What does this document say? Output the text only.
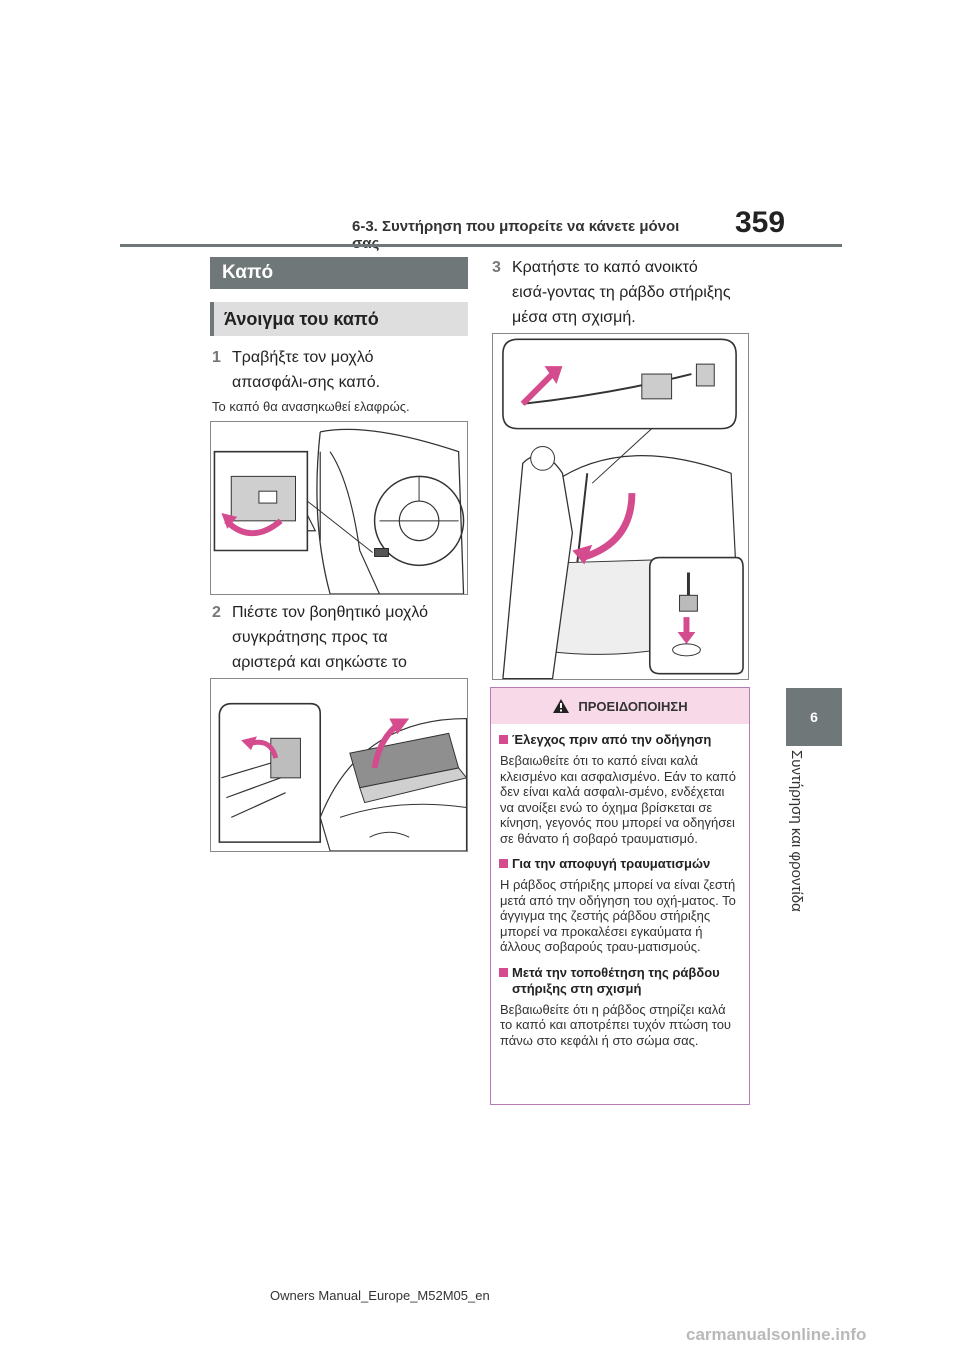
6-3. Συντήρηση που μπορείτε να κάνετε μόνοι	359
6
Συντήρηση και φροντίδα
Καπό
Άνοιγμα του καπό
1 Τραβήξτε τον μοχλό απασφάλι-σης καπό.
Το καπό θα ανασηκωθεί ελαφρώς.
2 Πιέστε τον βοηθητικό μοχλό συγκράτησης προς τα αριστερά και σηκώστε το
3 Κρατήστε το καπό ανοικτό εισά-γοντας τη ράβδο στήριξης μέσα στη σχισμή.
ΠΡΟΕΙΔΟΠΟΙΗΣΗ
Έλεγχος πριν από την οδήγηση
Βεβαιωθείτε ότι το καπό είναι καλά κλεισμένο και ασφαλισμένο. Εάν το καπό δεν είναι καλά ασφαλι-σμένο, ενδέχεται να ανοίξει ενώ το όχημα βρίσκεται σε κίνηση, γεγονός που μπορεί να οδηγήσει σε θάνατο ή σοβαρό τραυματισμό.
Για την αποφυγή τραυματισμών
Η ράβδος στήριξης μπορεί να είναι ζεστή μετά από την οδήγηση του οχή-ματος. Το άγγιγμα της ζεστής ράβδου στήριξης μπορεί να προκαλέσει εγκαύματα ή άλλους σοβαρούς τραυ-ματισμούς.
Μετά την τοποθέτηση της ράβδου στήριξης στη σχισμή
Βεβαιωθείτε ότι η ράβδος στηρίζει καλά το καπό και αποτρέπει τυχόν πτώση του πάνω στο κεφάλι ή στο σώμα σας.
Owners Manual_Europe_M52M05_en
carmanualsonline.info
